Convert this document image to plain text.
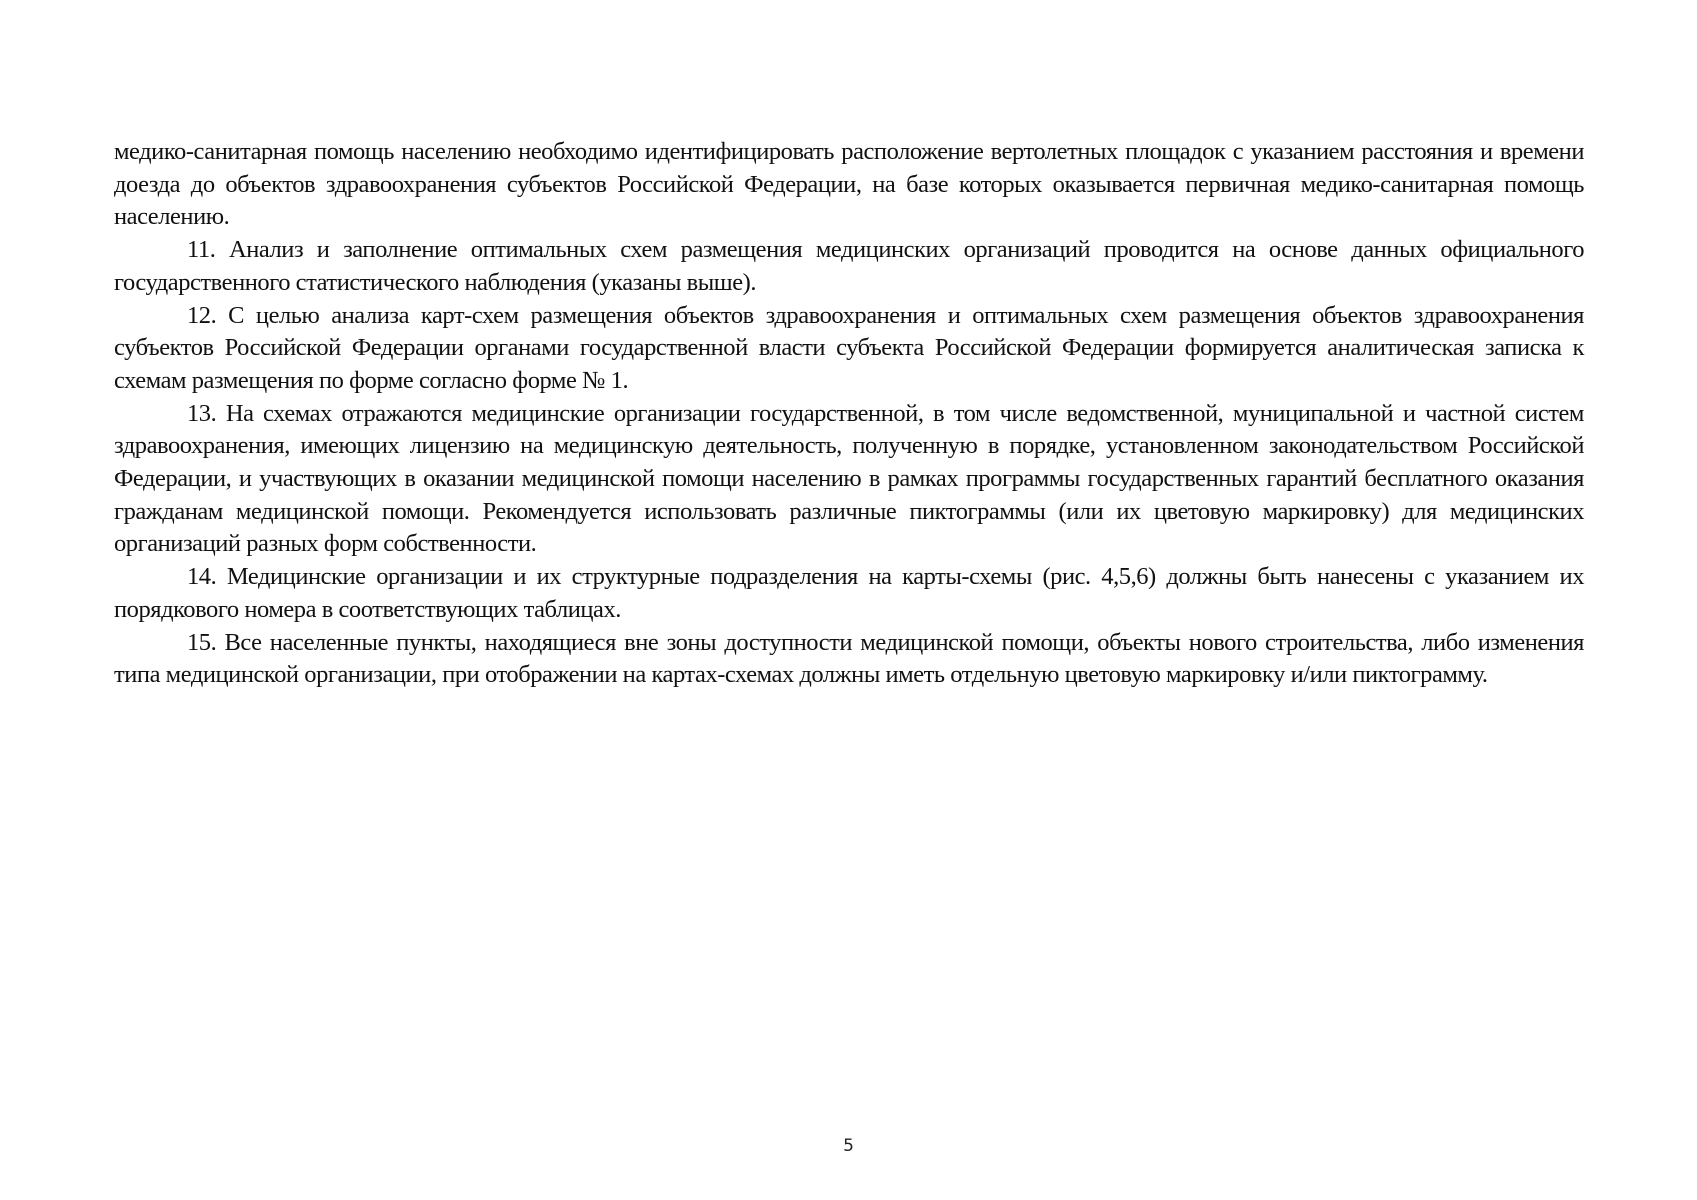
медико-санитарная помощь населению необходимо идентифицировать расположение вертолетных площадок с указанием расстояния и времени доезда до объектов здравоохранения субъектов Российской Федерации, на базе которых оказывается первичная медико-санитарная помощь населению.

11. Анализ и заполнение оптимальных схем размещения медицинских организаций проводится на основе данных официального государственного статистического наблюдения (указаны выше).

12. С целью анализа карт-схем размещения объектов здравоохранения и оптимальных схем размещения объектов здравоохранения субъектов Российской Федерации органами государственной власти субъекта Российской Федерации формируется аналитическая записка к схемам размещения по форме согласно форме № 1.

13. На схемах отражаются медицинские организации государственной, в том числе ведомственной, муниципальной и частной систем здравоохранения, имеющих лицензию на медицинскую деятельность, полученную в порядке, установленном законодательством Российской Федерации, и участвующих в оказании медицинской помощи населению в рамках программы государственных гарантий бесплатного оказания гражданам медицинской помощи. Рекомендуется использовать различные пиктограммы (или их цветовую маркировку) для медицинских организаций разных форм собственности.

14. Медицинские организации и их структурные подразделения на карты-схемы (рис. 4,5,6) должны быть нанесены с указанием их порядкового номера в соответствующих таблицах.

15. Все населенные пункты, находящиеся вне зоны доступности медицинской помощи, объекты нового строительства, либо изменения типа медицинской организации, при отображении на картах-схемах должны иметь отдельную цветовую маркировку и/или пиктограмму.

5
